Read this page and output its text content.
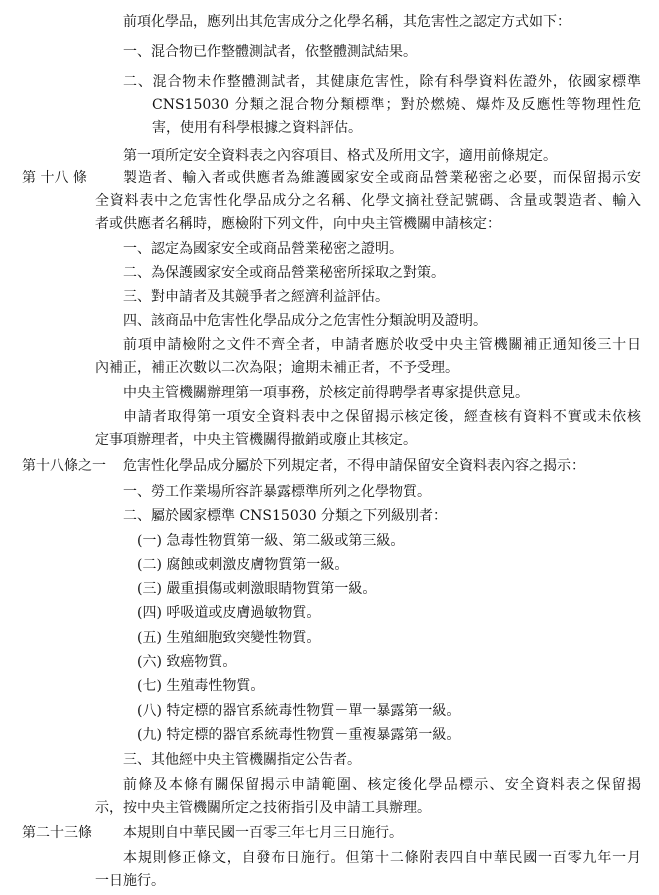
前項化學品，應列出其危害成分之化學名稱，其危害性之認定方式如下：
一、混合物已作整體測試者，依整體測試結果。
二、混合物未作整體測試者，其健康危害性，除有科學資料佐證外，依國家標準
CNS15030 分類之混合物分類標準；對於燃燒、爆炸及反應性等物理性危
害，使用有科學根據之資料評估。
第一項所定安全資料表之內容項目、格式及所用文字，適用前條規定。
第 十八 條	製造者、輸入者或供應者為維護國家安全或商品營業秘密之必要，而保留揭示安
全資料表中之危害性化學品成分之名稱、化學文摘社登記號碼、含量或製造者、輸入
者或供應者名稱時，應檢附下列文件，向中央主管機關申請核定：
一、認定為國家安全或商品營業秘密之證明。
二、為保護國家安全或商品營業秘密所採取之對策。
三、對申請者及其競爭者之經濟利益評估。
四、該商品中危害性化學品成分之危害性分類說明及證明。
前項申請檢附之文件不齊全者，申請者應於收受中央主管機關補正通知後三十日
內補正，補正次數以二次為限；逾期未補正者，不予受理。
中央主管機關辦理第一項事務，於核定前得聘學者專家提供意見。
申請者取得第一項安全資料表中之保留揭示核定後，經查核有資料不實或未依核
定事項辦理者，中央主管機關得撤銷或廢止其核定。
第十八條之一 危害性化學品成分屬於下列規定者，不得申請保留安全資料表內容之揭示：
一、勞工作業場所容許暴露標準所列之化學物質。
二、屬於國家標準 CNS15030 分類之下列級別者：
(一) 急毒性物質第一級、第二級或第三級。
(二) 腐蝕或刺激皮膚物質第一級。
(三) 嚴重損傷或刺激眼睛物質第一級。
(四) 呼吸道或皮膚過敏物質。
(五) 生殖細胞致突變性物質。
(六) 致癌物質。
(七) 生殖毒性物質。
(八) 特定標的器官系統毒性物質－單一暴露第一級。
(九) 特定標的器官系統毒性物質－重複暴露第一級。
三、其他經中央主管機關指定公告者。
前條及本條有關保留揭示申請範圍、核定後化學品標示、安全資料表之保留揭
示，按中央主管機關所定之技術指引及申請工具辦理。
第二十三條 本規則自中華民國一百零三年七月三日施行。
本規則修正條文，自發布日施行。但第十二條附表四自中華民國一百零九年一月
一日施行。
